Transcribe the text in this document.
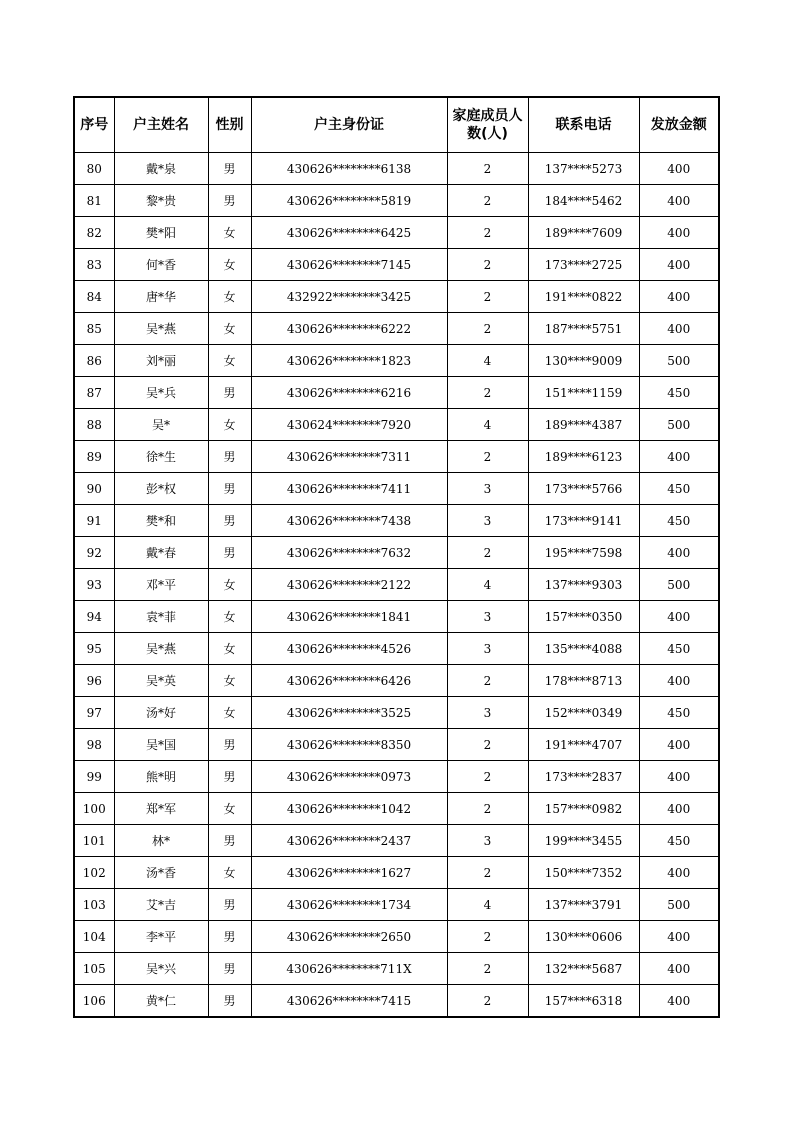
序号	户主姓名	性别	户主身份证	家庭成员人数(人)	联系电话	发放金额
80	戴*泉	男	430626********6138	2	137****5273	400
81	黎*贵	男	430626********5819	2	184****5462	400
82	樊*阳	女	430626********6425	2	189****7609	400
83	何*香	女	430626********7145	2	173****2725	400
84	唐*华	女	432922********3425	2	191****0822	400
85	吴*燕	女	430626********6222	2	187****5751	400
86	刘*丽	女	430626********1823	4	130****9009	500
87	吴*兵	男	430626********6216	2	151****1159	450
88	吴*	女	430624********7920	4	189****4387	500
89	徐*生	男	430626********7311	2	189****6123	400
90	彭*权	男	430626********7411	3	173****5766	450
91	樊*和	男	430626********7438	3	173****9141	450
92	戴*春	男	430626********7632	2	195****7598	400
93	邓*平	女	430626********2122	4	137****9303	500
94	袁*菲	女	430626********1841	3	157****0350	400
95	吴*燕	女	430626********4526	3	135****4088	450
96	吴*英	女	430626********6426	2	178****8713	400
97	汤*好	女	430626********3525	3	152****0349	450
98	吴*国	男	430626********8350	2	191****4707	400
99	熊*明	男	430626********0973	2	173****2837	400
100	郑*军	女	430626********1042	2	157****0982	400
101	林*	男	430626********2437	3	199****3455	450
102	汤*香	女	430626********1627	2	150****7352	400
103	艾*吉	男	430626********1734	4	137****3791	500
104	李*平	男	430626********2650	2	130****0606	400
105	吴*兴	男	430626********711X	2	132****5687	400
106	黄*仁	男	430626********7415	2	157****6318	400
